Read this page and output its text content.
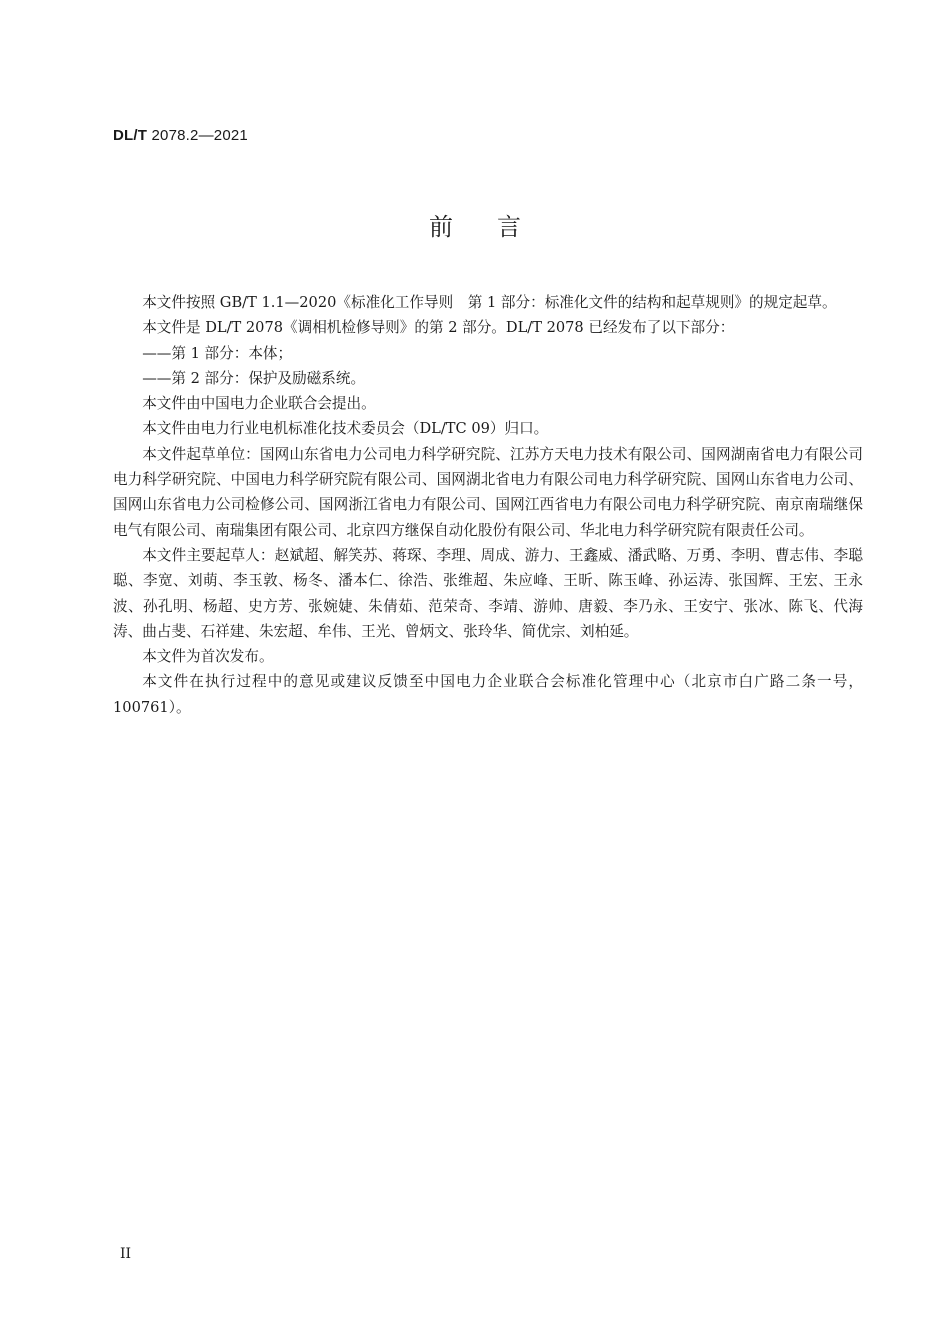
DL/T 2078.2—2021
前言

本文件按照 GB/T 1.1—2020《标准化工作导则　第 1 部分：标准化文件的结构和起草规则》的规定起草。

本文件是 DL/T 2078《调相机检修导则》的第 2 部分。DL/T 2078 已经发布了以下部分：

——第 1 部分：本体；

——第 2 部分：保护及励磁系统。

本文件由中国电力企业联合会提出。

本文件由电力行业电机标准化技术委员会（DL/TC 09）归口。

本文件起草单位：国网山东省电力公司电力科学研究院、江苏方天电力技术有限公司、国网湖南省电力有限公司电力科学研究院、中国电力科学研究院有限公司、国网湖北省电力有限公司电力科学研究院、国网山东省电力公司、国网山东省电力公司检修公司、国网浙江省电力有限公司、国网江西省电力有限公司电力科学研究院、南京南瑞继保电气有限公司、南瑞集团有限公司、北京四方继保自动化股份有限公司、华北电力科学研究院有限责任公司。

本文件主要起草人：赵斌超、解笑苏、蒋琛、李理、周成、游力、王鑫威、潘武略、万勇、李明、曹志伟、李聪聪、李宽、刘萌、李玉敦、杨冬、潘本仁、徐浩、张维超、朱应峰、王昕、陈玉峰、孙运涛、张国辉、王宏、王永波、孙孔明、杨超、史方芳、张婉婕、朱倩茹、范荣奇、李靖、游帅、唐毅、李乃永、王安宁、张冰、陈飞、代海涛、曲占斐、石祥建、朱宏超、牟伟、王光、曾炳文、张玲华、简优宗、刘柏延。

本文件为首次发布。

本文件在执行过程中的意见或建议反馈至中国电力企业联合会标准化管理中心（北京市白广路二条一号，100761）。

II
